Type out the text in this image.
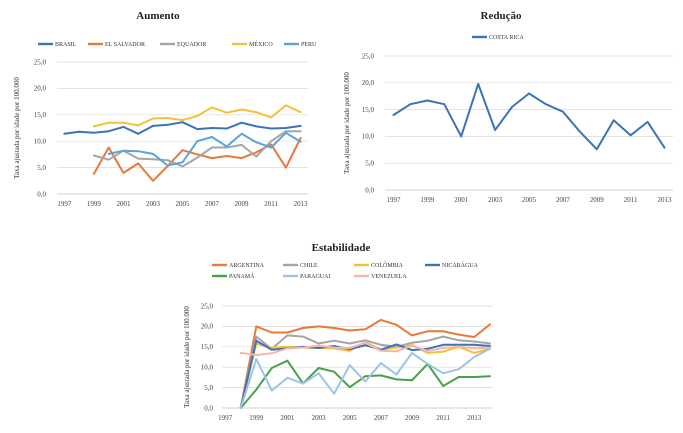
Aumento
BRASIL	EL SALVADOR	EQUADOR	MÉXICO	PERU
0,0
5,0
10,0
15,0
20,0
25,0
1997 1999 2001 2003 2005 2007 2009 2011 2013
Taxa ajustada por idade por 100.000
Redução
COSTA RICA
0,0
5,0
10,0
15,0
20,0
25,0
1997	1999	2001	2003	2005	2007	2009	2011	2013
Taxa ajustada por idade por 100.000
Estabilidade
ARGENTINA	CHILE	COLÔMBIA	NICARÁGUA
PANAMÁ	PARAGUAI	VENEZUELA
0,0
5,0
10,0
15,0
20,0
25,0
1997 1999 2001 2003 2005 2007 2009 2011 2013
Taxa ajustada por idade por 100.000
